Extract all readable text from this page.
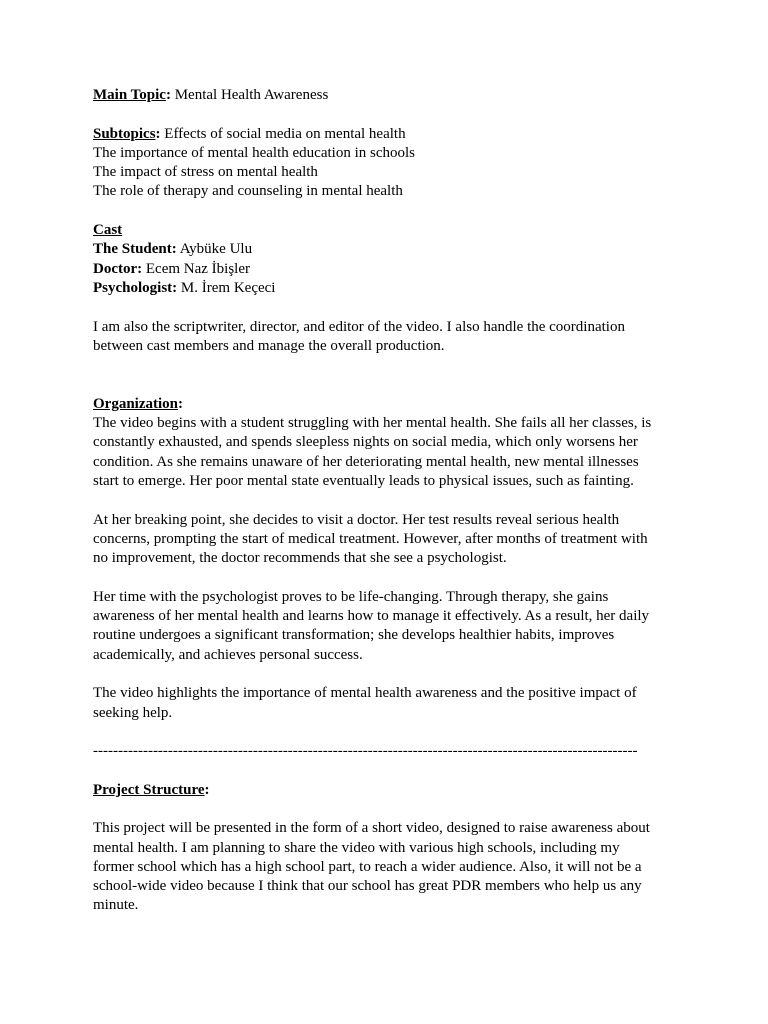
Main Topic: Mental Health Awareness
Subtopics: Effects of social media on mental health
The importance of mental health education in schools
The impact of stress on mental health
The role of therapy and counseling in mental health
Cast
The Student: Aybüke Ulu
Doctor: Ecem Naz İbişler
Psychologist: M. İrem Keçeci
I am also the scriptwriter, director, and editor of the video. I also handle the coordination
between cast members and manage the overall production.
Organization:
The video begins with a student struggling with her mental health. She fails all her classes, is
constantly exhausted, and spends sleepless nights on social media, which only worsens her
condition. As she remains unaware of her deteriorating mental health, new mental illnesses
start to emerge. Her poor mental state eventually leads to physical issues, such as fainting.
At her breaking point, she decides to visit a doctor. Her test results reveal serious health
concerns, prompting the start of medical treatment. However, after months of treatment with
no improvement, the doctor recommends that she see a psychologist.
Her time with the psychologist proves to be life-changing. Through therapy, she gains
awareness of her mental health and learns how to manage it effectively. As a result, her daily
routine undergoes a significant transformation; she develops healthier habits, improves
academically, and achieves personal success.
The video highlights the importance of mental health awareness and the positive impact of
seeking help.
-------------------------------------------------------------------------------------------------------------
Project Structure:
This project will be presented in the form of a short video, designed to raise awareness about
mental health. I am planning to share the video with various high schools, including my
former school which has a high school part, to reach a wider audience. Also, it will not be a
school-wide video because I think that our school has great PDR members who help us any
minute.
